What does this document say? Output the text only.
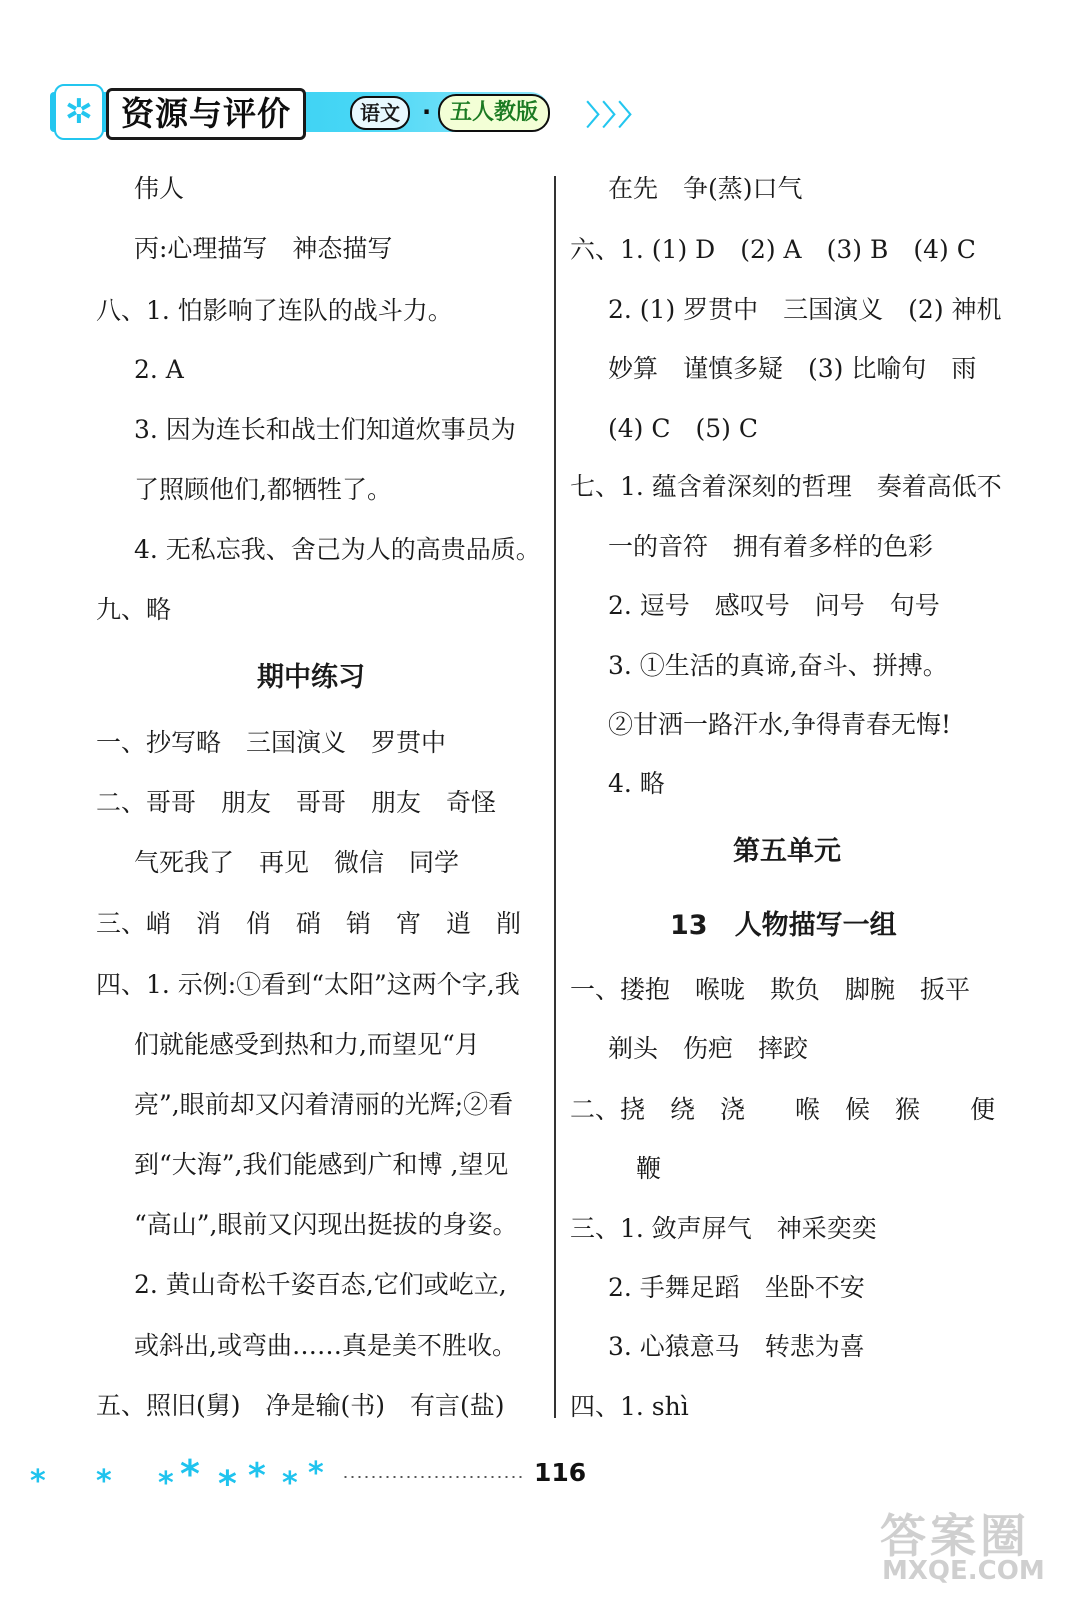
✲ 资源与评价	语文 · 五人教版	〉〉〉
伟人
丙:心理描写　神态描写
八、1. 怕影响了连队的战斗力。
2. A
3. 因为连长和战士们知道炊事员为
了照顾他们,都牺牲了。
4. 无私忘我、舍己为人的高贵品质。
九、略
期中练习
一、抄写略　三国演义　罗贯中
二、哥哥　朋友　哥哥　朋友　奇怪
气死我了　再见　微信　同学
三、峭　消　俏　硝　销　宵　逍　削
四、1. 示例:①看到“太阳”这两个字,我
们就能感受到热和力,而望见“月
亮”,眼前却又闪着清丽的光辉;②看
到“大海”,我们能感到广和博 ,望见
“高山”,眼前又闪现出挺拔的身姿。
2. 黄山奇松千姿百态,它们或屹立,
或斜出,或弯曲……真是美不胜收。
五、照旧(舅)　净是输(书)　有言(盐)
在先　争(蒸)口气
六、1. (1) D　(2) A　(3) B　(4) C
2. (1) 罗贯中　三国演义　(2) 神机
妙算　谨慎多疑　(3) 比喻句　雨
(4) C　(5) C
七、1. 蕴含着深刻的哲理　奏着高低不
一的音符　拥有着多样的色彩
2. 逗号　感叹号　问号　句号
3. ①生活的真谛,奋斗、拼搏。
②甘洒一路汗水,争得青春无悔!
4. 略
第五单元
13　人物描写一组
一、搂抱　喉咙　欺负　脚腕　扳平
剃头　伤疤　摔跤
二、挠　绕　浇　　喉　候　猴　　便
鞭
三、1. 敛声屏气　神采奕奕
2. 手舞足蹈　坐卧不安
3. 心猿意马　转悲为喜
四、1. shì
* * * * * * * *	116
答案圈
MXQE.COM
